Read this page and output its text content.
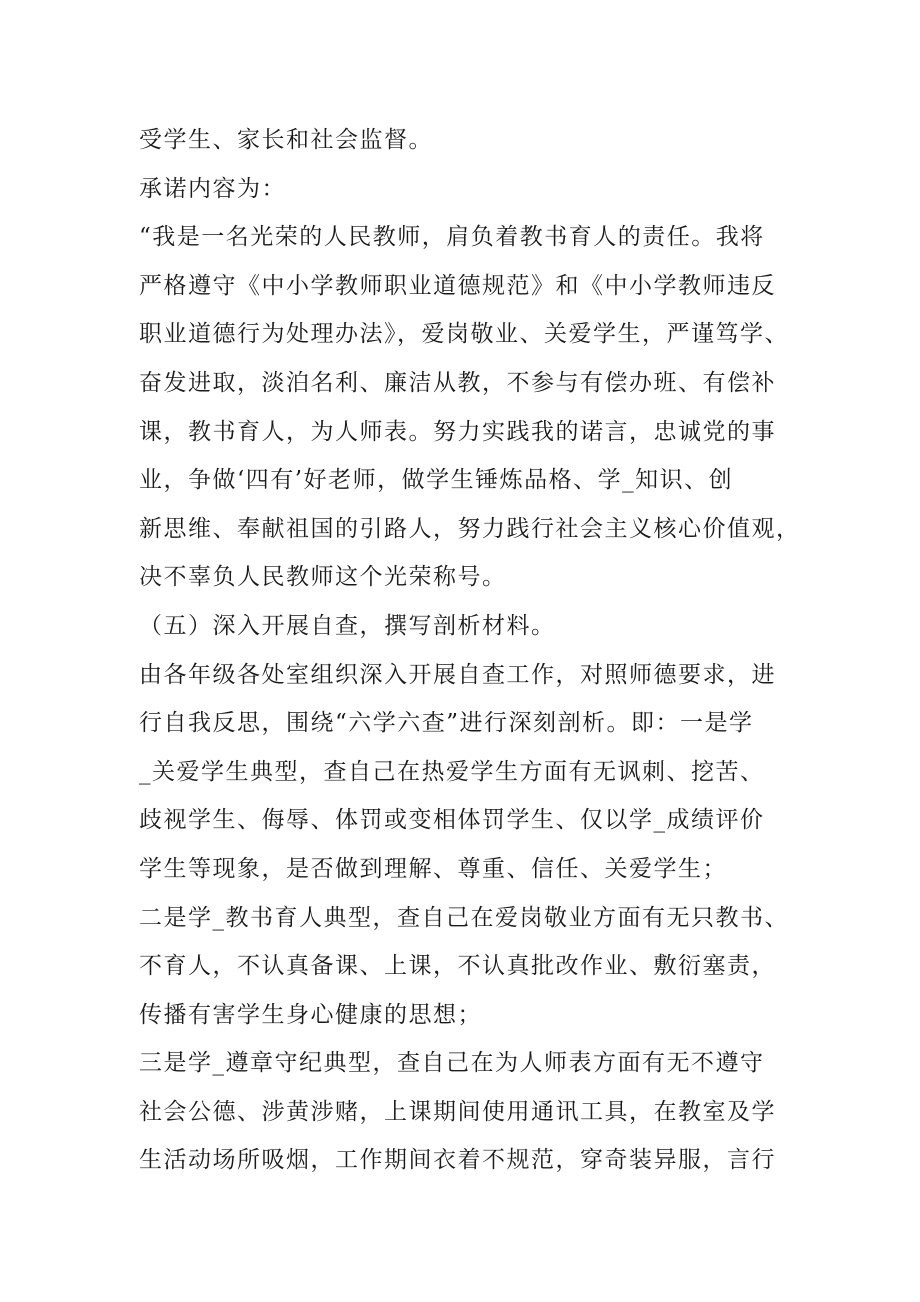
受学生、家长和社会监督。
承诺内容为：
“我是一名光荣的人民教师，肩负着教书育人的责任。我将
严格遵守《中小学教师职业道德规范》和《中小学教师违反
职业道德行为处理办法》，爱岗敬业、关爱学生，严谨笃学、
奋发进取，淡泊名利、廉洁从教，不参与有偿办班、有偿补
课，教书育人，为人师表。努力实践我的诺言，忠诚党的事
业，争做‘四有’好老师，做学生锤炼品格、学_知识、创
新思维、奉献祖国的引路人，努力践行社会主义核心价值观，
决不辜负人民教师这个光荣称号。
（五）深入开展自查，撰写剖析材料。
由各年级各处室组织深入开展自查工作，对照师德要求，进
行自我反思，围绕“六学六查”进行深刻剖析。即：一是学
_关爱学生典型，查自己在热爱学生方面有无讽刺、挖苦、
歧视学生、侮辱、体罚或变相体罚学生、仅以学_成绩评价
学生等现象，是否做到理解、尊重、信任、关爱学生；
二是学_教书育人典型，查自己在爱岗敬业方面有无只教书、
不育人，不认真备课、上课，不认真批改作业、敷衍塞责，
传播有害学生身心健康的思想；
三是学_遵章守纪典型，查自己在为人师表方面有无不遵守
社会公德、涉黄涉赌，上课期间使用通讯工具，在教室及学
生活动场所吸烟，工作期间衣着不规范，穿奇装异服，言行
